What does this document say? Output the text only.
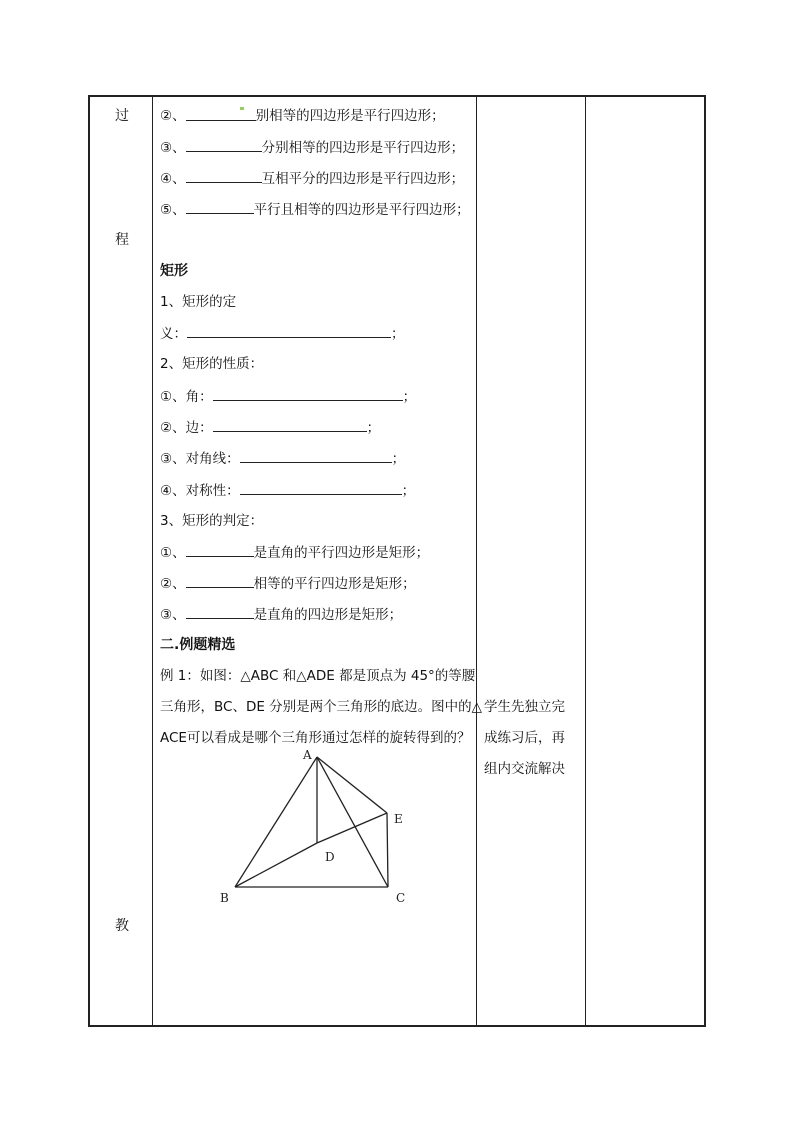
过
程
教
②、	别相等的四边形是平行四边形；
③、	分别相等的四边形是平行四边形；
④、	互相平分的四边形是平行四边形；
⑤、	平行且相等的四边形是平行四边形；
矩形
1、矩形的定
义：	；
2、矩形的性质：
①、角：	；
②、边：	；
③、对角线：	；
④、对称性：	；
3、矩形的判定：
①、	是直角的平行四边形是矩形；
②、	相等的平行四边形是矩形；
③、	是直角的四边形是矩形；
二.例题精选
例 1：如图：△ABC 和△ADE 都是顶点为 45°的等腰
三角形，BC、DE 分别是两个三角形的底边。图中的△
ACE可以看成是哪个三角形通过怎样的旋转得到的？
A
B	C
D
E
学生先独立完
成练习后，再
组内交流解决
